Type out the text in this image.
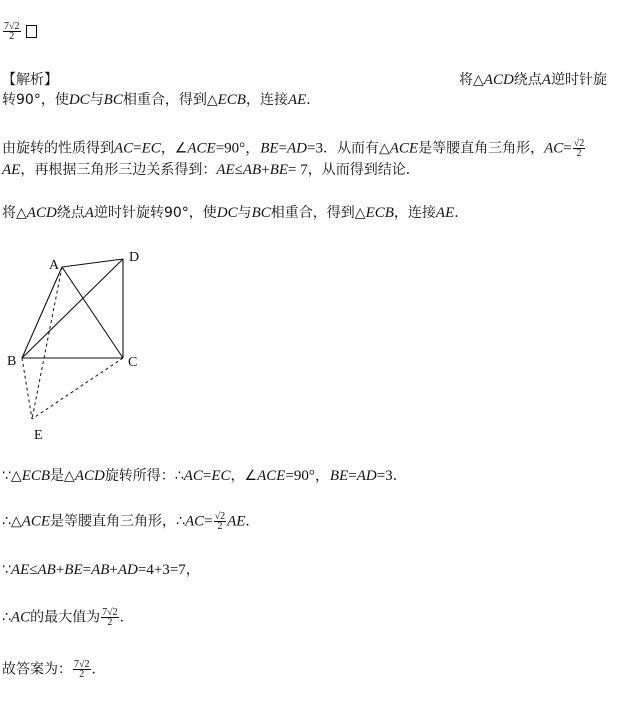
$\frac{7√2}{2}$
【解析】	将△ACD绕点A逆时针旋
转90°，使DC与BC相重合，得到△ECB，连接AE．
由旋转的性质得到AC=EC，∠ACE=90°，BE=AD=3．从而有△ACE是等腰直角三角形，$AC= \frac{√2}{2}$
AE，再根据三角形三边关系得到：AE≤AB+BE= 7，从而得到结论．
将△ACD绕点A逆时针旋转90°，使DC与BC相重合，得到△ECB，连接AE．
A
D
B	C
E
∵△ECB是△ACD旋转所得：∴AC=EC，∠ACE=90°，BE=AD=3．
∴△ACE是等腰直角三角形，∴AC= $\frac{√2}{2}$ AE．
∵AE≤AB+BE=AB+AD=4+3=7，
∴AC的最大值为 $\frac{7√2}{2}$ ．
故答案为： $\frac{7√2}{2}$ ．
